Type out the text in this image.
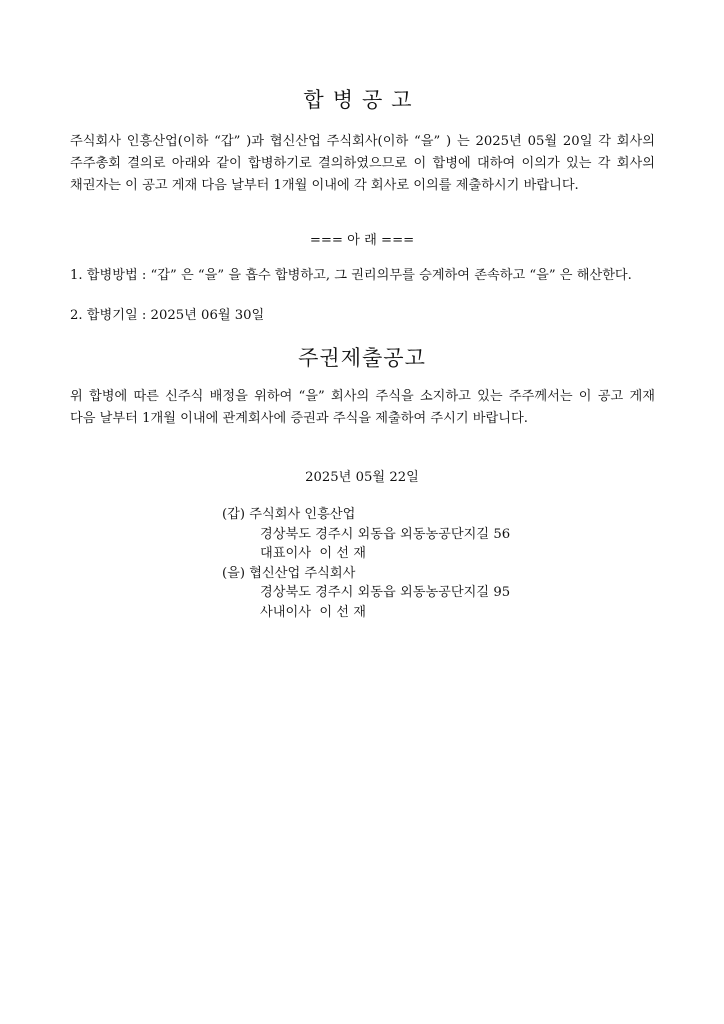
합병공고

주식회사 인흥산업(이하 “갑” )과 협신산업 주식회사(이하 “을” ) 는 2025년 05월 20일 각 회사의 주주총회 결의로 아래와 같이 합병하기로 결의하였으므로 이 합병에 대하여 이의가 있는 각 회사의 채권자는 이 공고 게재 다음 날부터 1개월 이내에 각 회사로 이의를 제출하시기 바랍니다.

=== 아 래 ===
1. 합병방법 : “갑” 은 “을” 을 흡수 합병하고, 그 권리의무를 승계하여 존속하고 “을” 은 해산한다.
2. 합병기일 : 2025년 06월 30일
주권제출공고

위 합병에 따른 신주식 배정을 위하여 “을” 회사의 주식을 소지하고 있는 주주께서는 이 공고 게재 다음 날부터 1개월 이내에 관계회사에 증권과 주식을 제출하여 주시기 바랍니다.

2025년 05월 22일
(갑) 주식회사 인흥산업
경상북도 경주시 외동읍 외동농공단지길 56
대표이사  이 선 재
(을) 협신산업 주식회사
경상북도 경주시 외동읍 외동농공단지길 95
사내이사  이 선 재
